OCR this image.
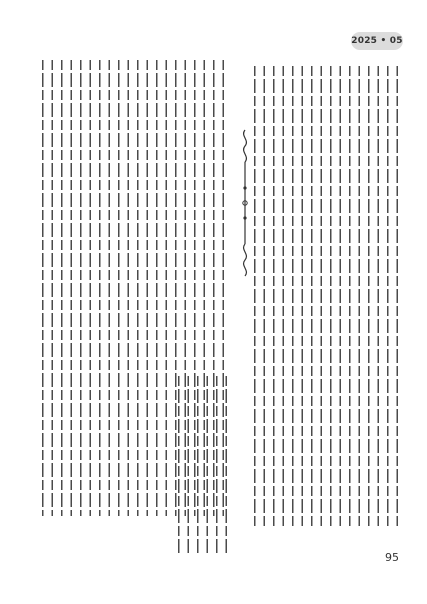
2025 • 05
95
